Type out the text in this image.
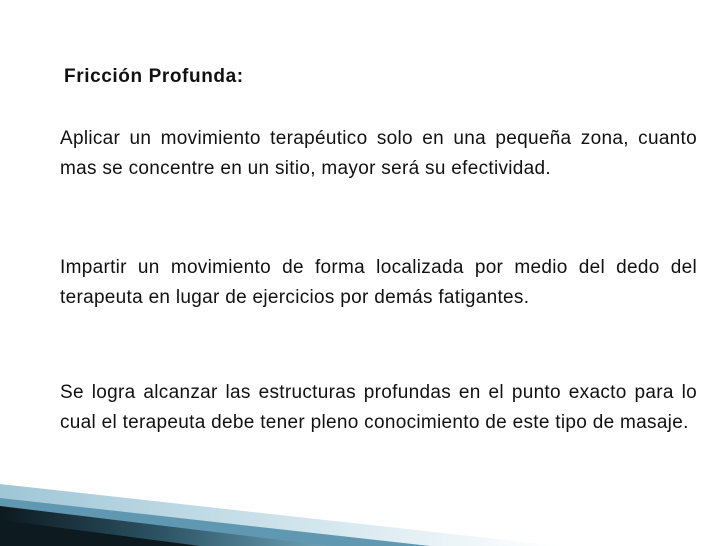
Fricción Profunda:

Aplicar un movimiento terapéutico solo en una pequeña zona, cuanto mas se concentre en un sitio, mayor será su efectividad.

Impartir un movimiento de forma localizada por medio del dedo del terapeuta en lugar de ejercicios por demás fatigantes.

Se logra alcanzar las estructuras profundas en el punto exacto para lo cual el terapeuta debe tener pleno conocimiento de este tipo de masaje.
